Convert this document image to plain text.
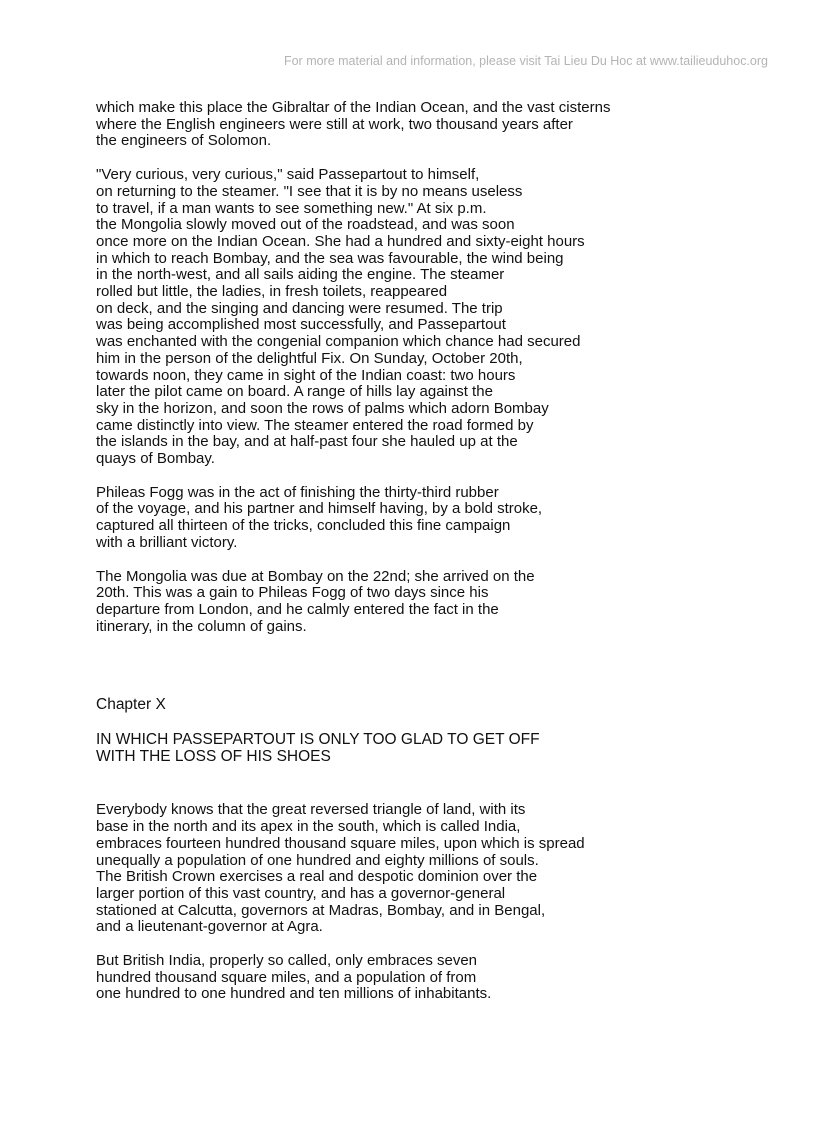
For more material and information, please visit Tai Lieu Du Hoc at www.tailieuduhoc.org

which make this place the Gibraltar of the Indian Ocean, and the vast cisterns
where the English engineers were still at work, two thousand years after
the engineers of Solomon.

"Very curious, very curious," said Passepartout to himself,
on returning to the steamer. "I see that it is by no means useless
to travel, if a man wants to see something new." At six p.m.
the Mongolia slowly moved out of the roadstead, and was soon
once more on the Indian Ocean. She had a hundred and sixty-eight hours
in which to reach Bombay, and the sea was favourable, the wind being
in the north-west, and all sails aiding the engine. The steamer
rolled but little, the ladies, in fresh toilets, reappeared
on deck, and the singing and dancing were resumed. The trip
was being accomplished most successfully, and Passepartout
was enchanted with the congenial companion which chance had secured
him in the person of the delightful Fix. On Sunday, October 20th,
towards noon, they came in sight of the Indian coast: two hours
later the pilot came on board. A range of hills lay against the
sky in the horizon, and soon the rows of palms which adorn Bombay
came distinctly into view. The steamer entered the road formed by
the islands in the bay, and at half-past four she hauled up at the
quays of Bombay.

Phileas Fogg was in the act of finishing the thirty-third rubber
of the voyage, and his partner and himself having, by a bold stroke,
captured all thirteen of the tricks, concluded this fine campaign
with a brilliant victory.

The Mongolia was due at Bombay on the 22nd; she arrived on the
20th. This was a gain to Phileas Fogg of two days since his
departure from London, and he calmly entered the fact in the
itinerary, in the column of gains.

Chapter X

IN WHICH PASSEPARTOUT IS ONLY TOO GLAD TO GET OFF
WITH THE LOSS OF HIS SHOES

Everybody knows that the great reversed triangle of land, with its
base in the north and its apex in the south, which is called India,
embraces fourteen hundred thousand square miles, upon which is spread
unequally a population of one hundred and eighty millions of souls.
The British Crown exercises a real and despotic dominion over the
larger portion of this vast country, and has a governor-general
stationed at Calcutta, governors at Madras, Bombay, and in Bengal,
and a lieutenant-governor at Agra.

But British India, properly so called, only embraces seven
hundred thousand square miles, and a population of from
one hundred to one hundred and ten millions of inhabitants.
